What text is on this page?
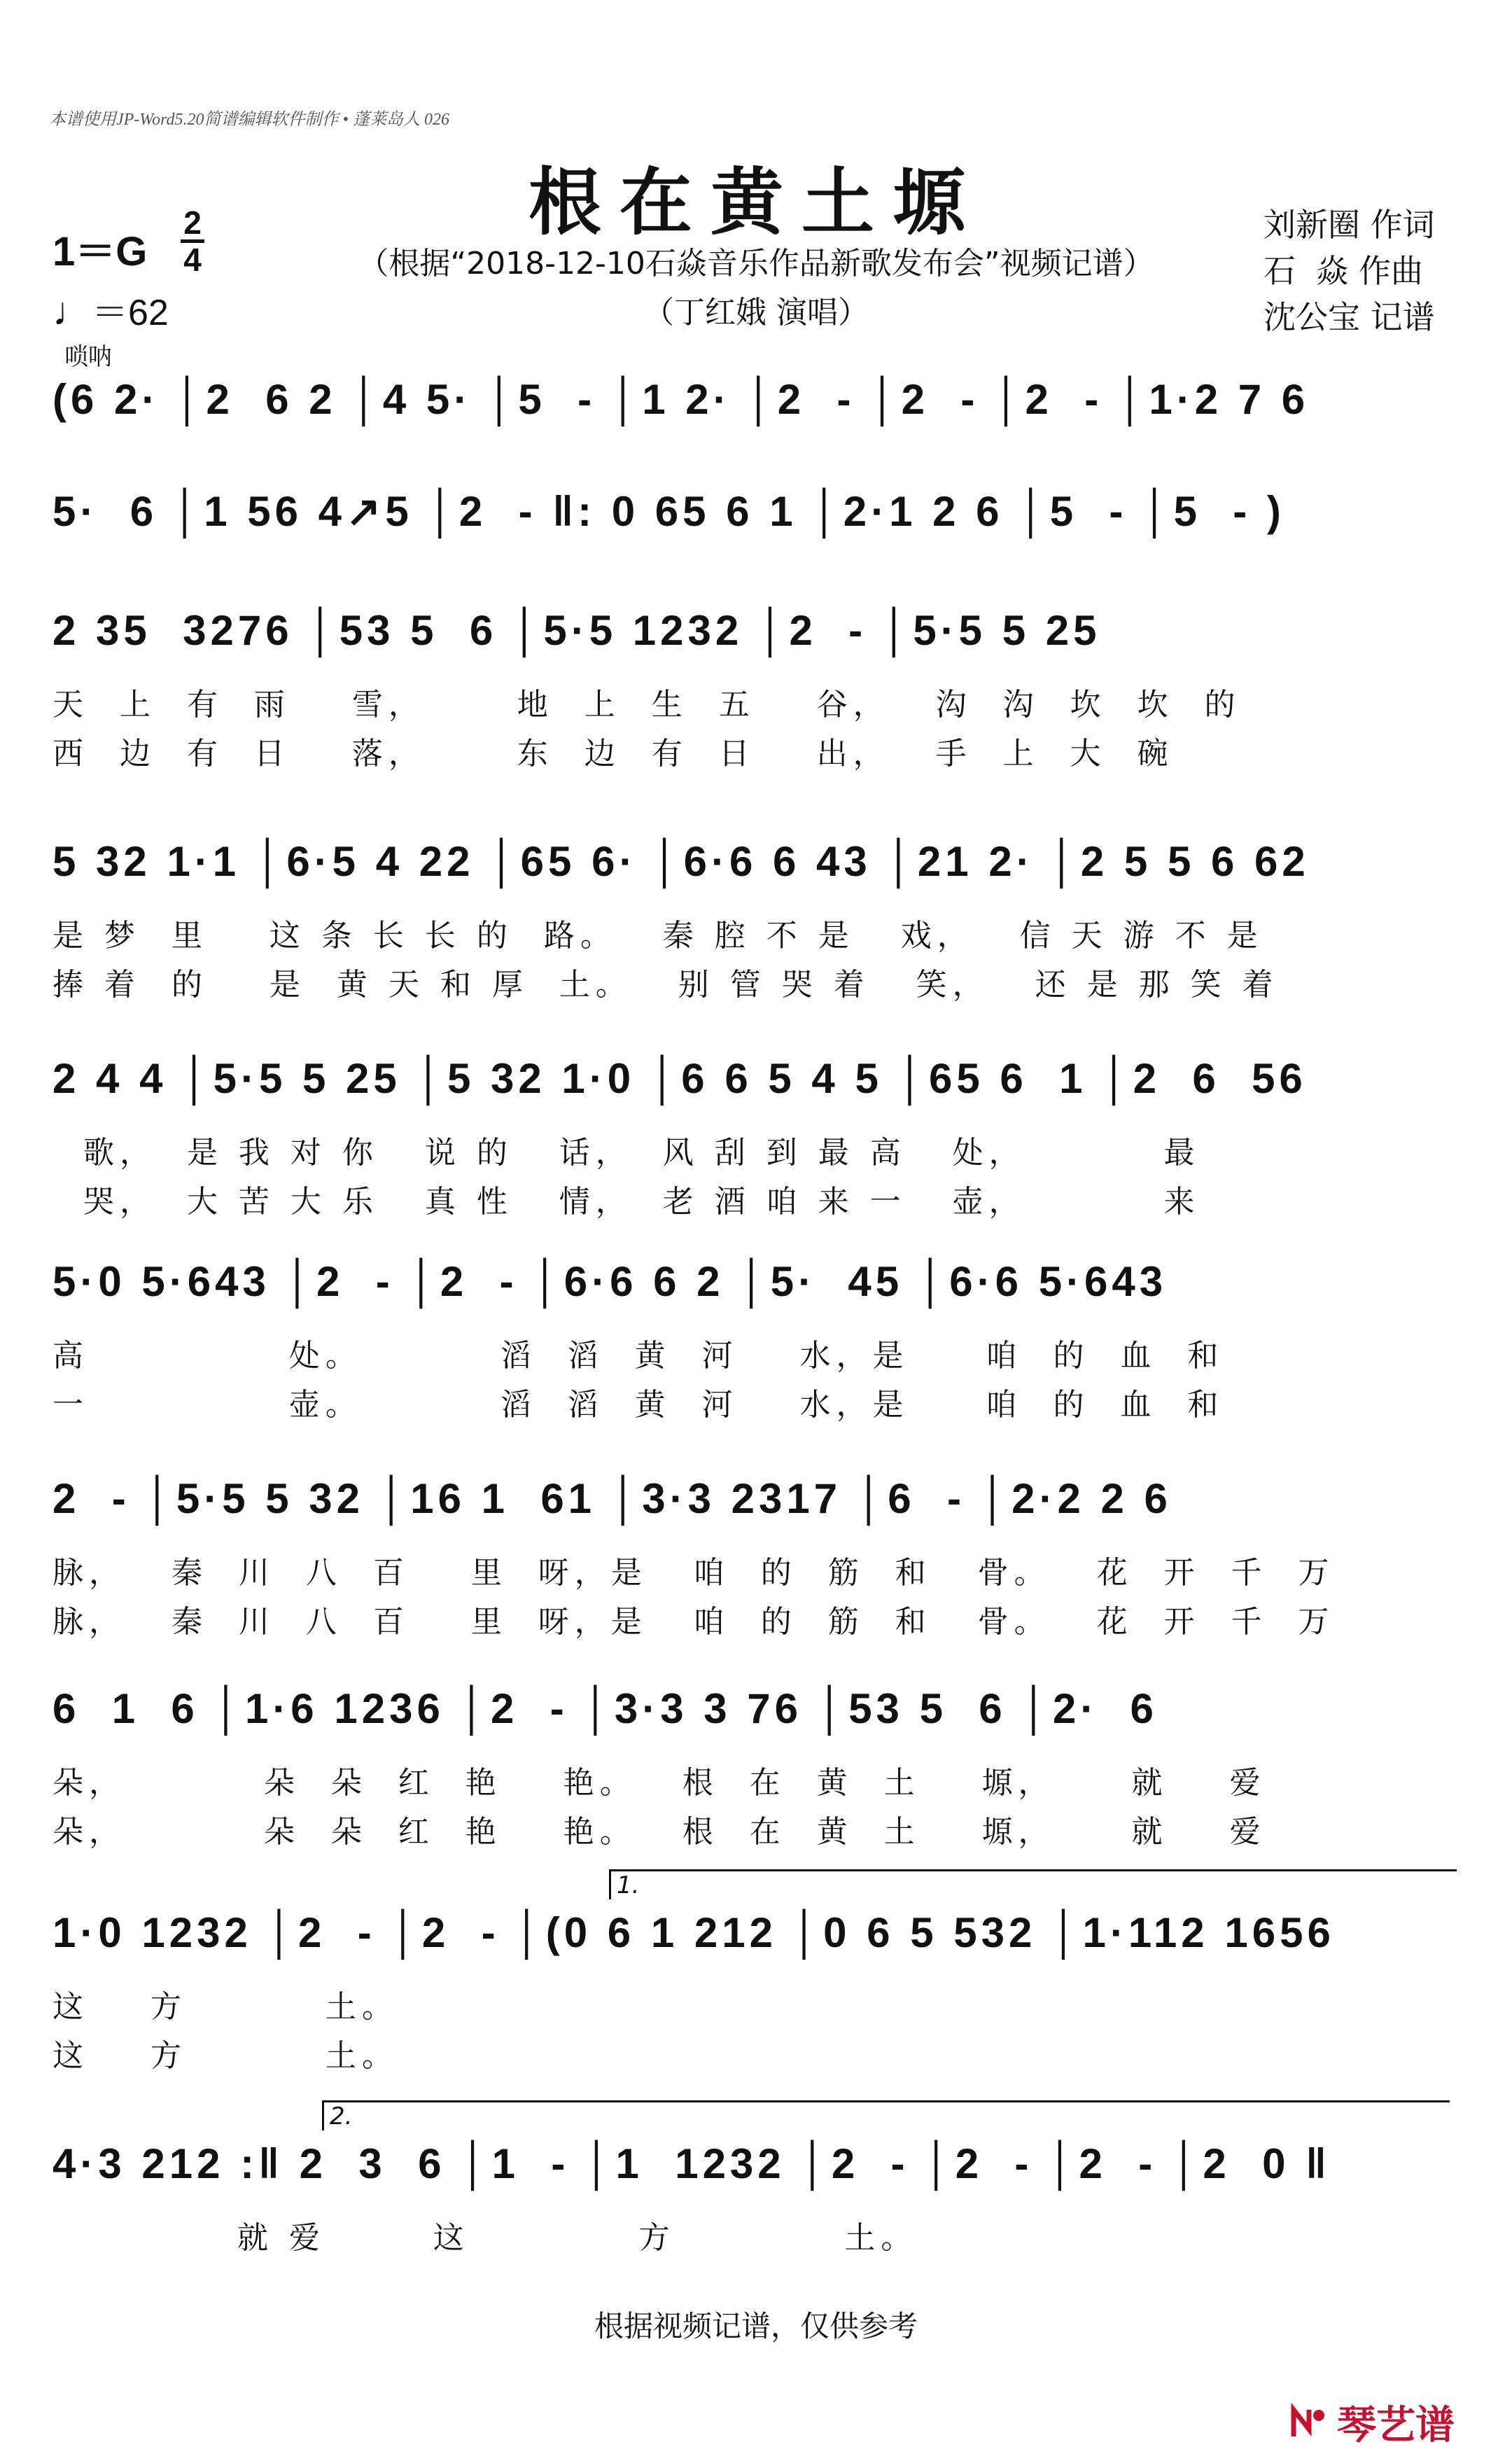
本谱使用JP-Word5.20简谱编辑软件制作 • 蓬莱岛人 026
根在黄土塬
（根据“2018-12-10石焱音乐作品新歌发布会”视频记谱）
（丁红娥 演唱）
刘新圈 作词
石  焱 作曲
沈公宝 记谱
1＝G
2
4
♩＝62
唢呐
(6 2· │2  6 2 │4 5· │5  - │1 2· │2  - │2  - │2  - │1·2 7 6
5·  6 │1 56 4↗5 │2  - ‖: 0 65 6 1 │2·1 2 6 │5  - │5  - )
2 35  3276 │53 5  6 │5·5 1232 │2  - │5·5 5 25
天  上  有  雨    雪，      地  上  生  五    谷，   沟  沟  坎  坎  的
西  边  有  日    落，      东  边  有  日    出，   手  上  大  碗
5 32 1·1 │6·5 4 22 │65 6· │6·6 6 43 │21 2· │2 5 5 6 62
是 梦  里    这 条 长 长 的  路。   秦 腔 不 是   戏，   信 天 游 不 是
捧 着  的    是  黄 天 和 厚  土。   别 管 哭 着   笑，   还 是 那 笑 着
2 4 4 │5·5 5 25 │5 32 1·0 │6 6 5 4 5 │65 6  1 │2  6  56
歌，  是 我 对 你   说 的   话，  风 刮 到 最 高   处，         最
哭，  大 苦 大 乐   真 性   情，  老 酒 咱 来 一   壶，         来
5·0 5·643 │2  - │2  - │6·6 6 2 │5·  45 │6·6 5·643
高             处。         滔  滔  黄  河    水，是     咱  的  血  和
一             壶。         滔  滔  黄  河    水，是     咱  的  血  和
2  - │5·5 5 32 │16 1  61 │3·3 2317 │6  - │2·2 2 6
脉，   秦  川  八  百    里  呀，是   咱  的  筋  和   骨。   花  开  千  万
脉，   秦  川  八  百    里  呀，是   咱  的  筋  和   骨。   花  开  千  万
6  1  6 │1·6 1236 │2  - │3·3 3 76 │53 5  6 │2·  6
朵，         朵  朵  红  艳    艳。   根  在  黄  土    塬，     就    爱
朵，         朵  朵  红  艳    艳。   根  在  黄  土    塬，     就    爱
1.
1·0 1232 │2  - │2  - │(0 6 1 212 │0 6 5 532 │1·112 1656
这    方         土。
这    方         土。
2.
4·3 212 :‖ 2  3  6 │1  - │1  1232 │2  - │2  - │2  - │2  0 ‖
就 爱       这           方           土。
根据视频记谱，仅供参考
琴艺谱
